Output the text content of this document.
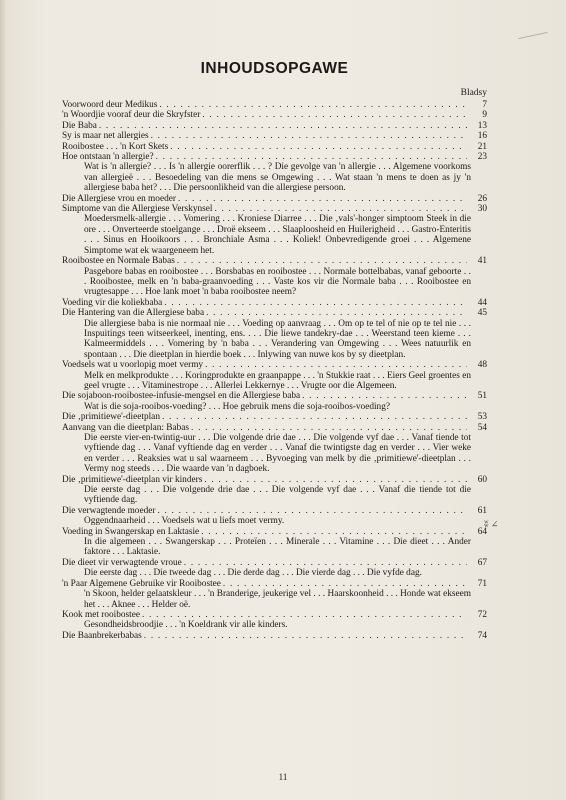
INHOUDSOPGAWE
Bladsy
Voorwoord deur Medikus . . .	7
'n Woordjie vooraf deur die Skryfster . . .	9
Die Baba . . .	13
Sy is maar net allergies . . .	16
Rooibostee . . . 'n Kort Skets . . .	21
Hoe ontstaan 'n allergie? . . .	23
Wat is 'n allergie? . . . Is 'n allergie oorerflik . . . ? Die gevolge van 'n allergie . . . Algemene voorkoms van allergieë . . . Besoedeling van die mens se Omgewing . . . Wat staan 'n mens te doen as jy 'n allergiese baba het? . . . Die persoonlikheid van die allergiese persoon.
Die Allergiese vrou en moeder . . .	26
Simptome van die Allergiese Verskynsel . . .	30
Moedersmelk-allergie . . . Vomering . . . Kroniese Diarree . . . Die ‚vals'-honger simptoom Steek in die ore . . . Onverteerde stoelgange . . . Droë ekseem . . . Slaaploosheid en Huilerigheid . . . Gastro-Enteritis . . . Sinus en Hooikoors . . . Bronchiale Asma . . . Koliek! Onbevredigende groei . . . Algemene Simptome wat ek waargeneem het.
Rooibostee en Normale Babas . . .	41
Pasgebore babas en rooibostee . . . Borsbabas en rooibostee . . . Normale bottelbabas, vanaf geboorte . . . Rooibostee, melk en 'n baba-graanvoeding . . . Vaste kos vir die Normale baba . . . Rooibostee en vrugtesappe . . . Hoe lank moet 'n baba rooibostee neem?
Voeding vir die koliekbaba . . .	44
Die Hantering van die Allergiese baba . . .	45
Die allergiese baba is nie normaal nie . . . Voeding op aanvraag . . . Om op te tel of nie op te tel nie . . . Inspuitings teen witseerkeel, inenting, ens. . . . Die liewe tandekry-dae . . . Weerstand teen kieme . . . Kalmeermiddels . . . Vomering by 'n baba . . . Verandering van Omgewing . . . Wees natuurlik en spontaan . . . Die dieetplan in hierdie boek . . . Inlywing van nuwe kos by sy dieetplan.
Voedsels wat u voorlopig moet vermy . . .	48
Melk en melkprodukte . . . Koringprodukte en graanpappe . . . 'n Stukkie raat . . . Eiers Geel groentes en geel vrugte . . . Vitaminestrope . . . Allerlei Lekkernye . . . Vrugte oor die Algemeen.
Die sojaboon-rooibostee-infusie-mengsel en die Allergiese baba . . .	51
Wat is die soja-rooibos-voeding? . . . Hoe gebruik mens die soja-rooibos-voeding?
Die ‚primitiewe'-dieetplan . . .	53
Aanvang van die dieetplan: Babas . . .	54
Die eerste vier-en-twintig-uur . . . Die volgende drie dae . . . Die volgende vyf dae . . . Vanaf tiende tot vyftiende dag . . . Vanaf vyftiende dag en verder . . . Vanaf die twintigste dag en verder . . . Vier weke en verder . . . Reaksies wat u sal waarneem . . . Byvoeging van melk by die ‚primitiewe'-dieetplan . . . Vermy nog steeds . . . Die waarde van 'n dagboek.
Die ‚primitiewe'-dieetplan vir kinders . . .	60
Die eerste dag . . . Die volgende drie dae . . . Die volgende vyf dae . . . Vanaf die tiende tot die vyftiende dag.
Die verwagtende moeder . . .	61
Oggendnaarheid . . . Voedsels wat u liefs moet vermy.
Voeding in Swangerskap en Laktasie . . .	64
In die algemeen . . . Swangerskap . . . Proteïen . . . Minerale . . . Vitamine . . . Die dieet . . . Ander faktore . . . Laktasie.
Die dieet vir verwagtende vroue . . .	67
Die eerste dag . . . Die tweede dag . . . Die derde dag . . . Die vierde dag . . . Die vyfde dag.
'n Paar Algemene Gebruike vir Rooibostee . . .	71
'n Skoon, helder gelaatskleur . . . 'n Branderige, jeukerige vel . . . Haarskoonheid . . . Honde wat ekseem het . . . Aknee . . . Helder oë.
Kook met rooibostee . . .	72
Gesondheidsbroodjie . . . 'n Koeldrank vir alle kinders.
Die Baanbrekerbabas . . .	74
ʬ ∠
11
